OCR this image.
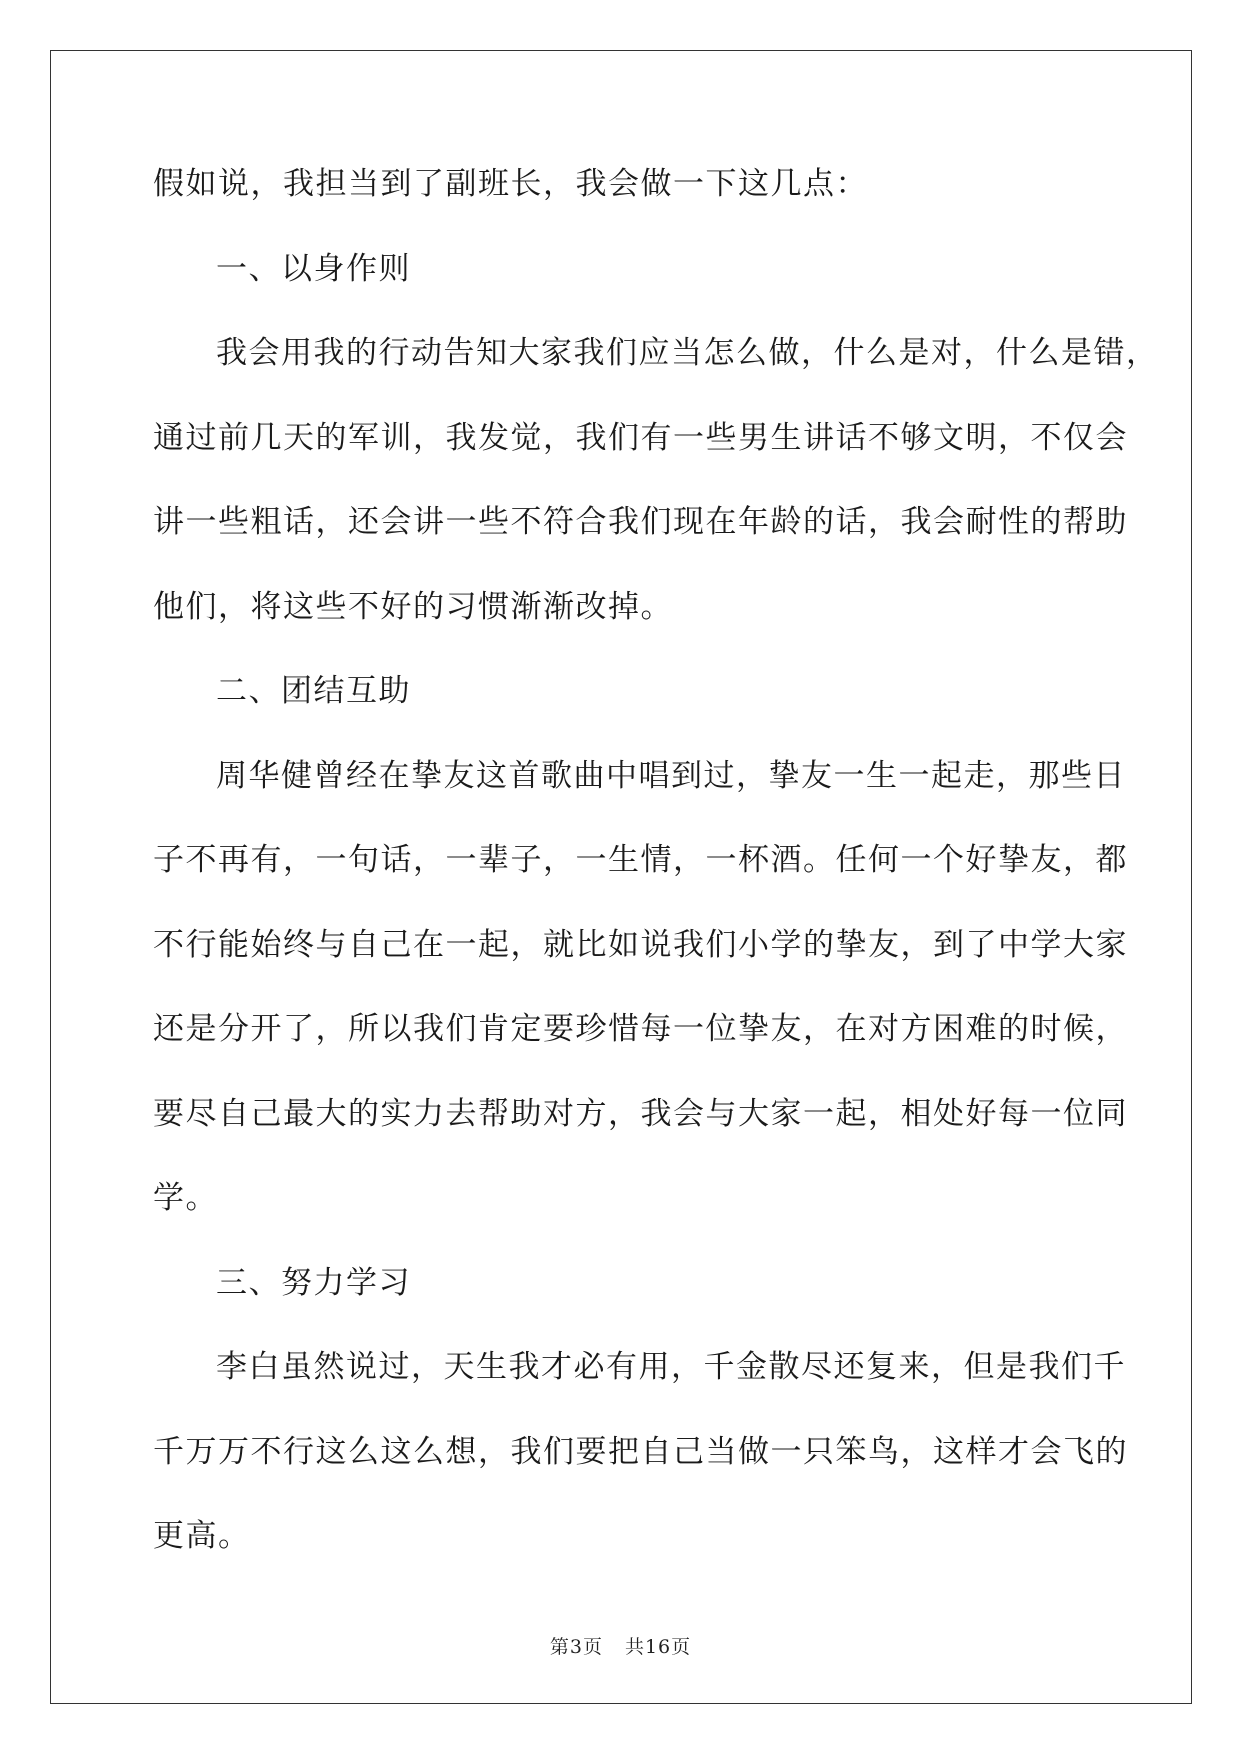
假如说，我担当到了副班长，我会做一下这几点：
一、以身作则
我会用我的行动告知大家我们应当怎么做，什么是对，什么是错，
通过前几天的军训，我发觉，我们有一些男生讲话不够文明，不仅会
讲一些粗话，还会讲一些不符合我们现在年龄的话，我会耐性的帮助
他们，将这些不好的习惯渐渐改掉。
二、团结互助
周华健曾经在挚友这首歌曲中唱到过，挚友一生一起走，那些日
子不再有，一句话，一辈子，一生情，一杯酒。任何一个好挚友，都
不行能始终与自己在一起，就比如说我们小学的挚友，到了中学大家
还是分开了，所以我们肯定要珍惜每一位挚友，在对方困难的时候，
要尽自己最大的实力去帮助对方，我会与大家一起，相处好每一位同
学。
三、努力学习
李白虽然说过，天生我才必有用，千金散尽还复来，但是我们千
千万万不行这么这么想，我们要把自己当做一只笨鸟，这样才会飞的
更高。
第3页 共16页
